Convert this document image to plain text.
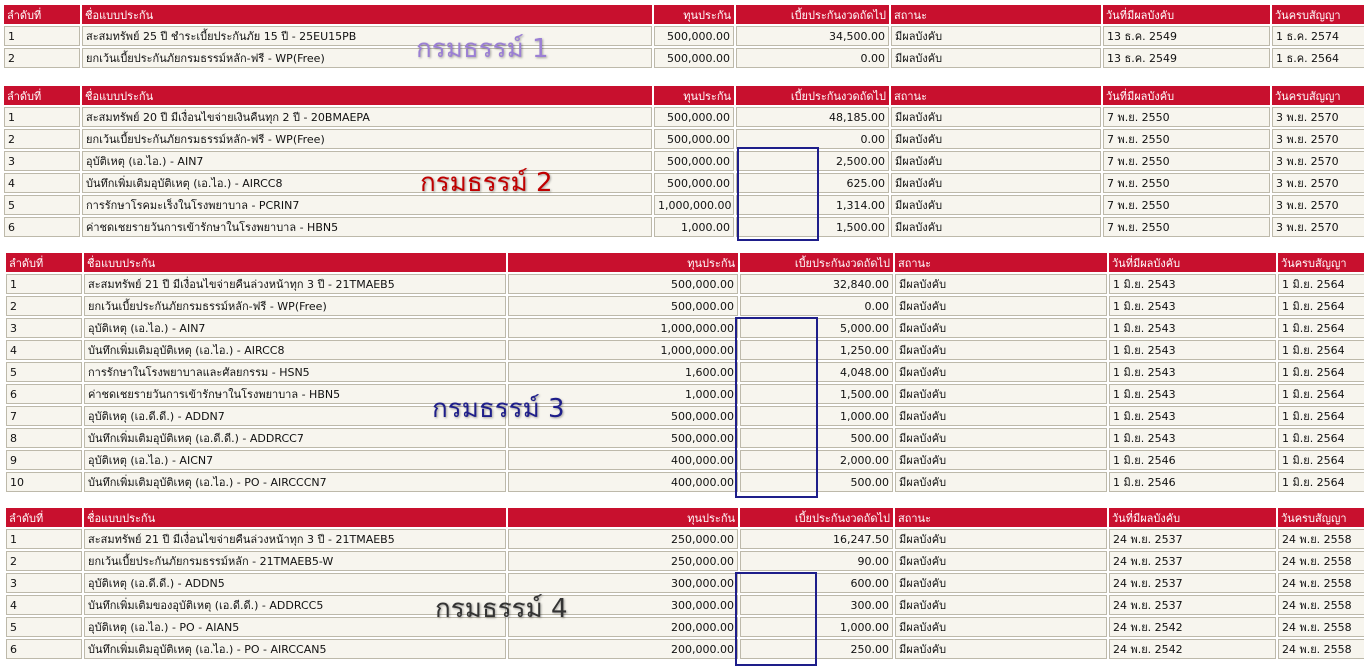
ลำดับที่	ชื่อแบบประกัน	ทุนประกัน	เบี้ยประกันงวดถัดไป	สถานะ	วันที่มีผลบังคับ	วันครบสัญญา
1	สะสมทรัพย์ 25 ปี ชำระเบี้ยประกันภัย 15 ปี - 25EU15PB	500,000.00	34,500.00	มีผลบังคับ	13 ธ.ค. 2549	1 ธ.ค. 2574
2	ยกเว้นเบี้ยประกันภัยกรมธรรม์หลัก-ฟรี - WP(Free)	500,000.00	0.00	มีผลบังคับ	13 ธ.ค. 2549	1 ธ.ค. 2564
กรมธรรม์ 1
ลำดับที่	ชื่อแบบประกัน	ทุนประกัน	เบี้ยประกันงวดถัดไป	สถานะ	วันที่มีผลบังคับ	วันครบสัญญา
1	สะสมทรัพย์ 20 ปี มีเงื่อนไขจ่ายเงินคืนทุก 2 ปี - 20BMAEPA	500,000.00	48,185.00	มีผลบังคับ	7 พ.ย. 2550	3 พ.ย. 2570
2	ยกเว้นเบี้ยประกันภัยกรมธรรม์หลัก-ฟรี - WP(Free)	500,000.00	0.00	มีผลบังคับ	7 พ.ย. 2550	3 พ.ย. 2570
3	อุบัติเหตุ (เอ.ไอ.) - AIN7	500,000.00	2,500.00	มีผลบังคับ	7 พ.ย. 2550	3 พ.ย. 2570
4	บันทึกเพิ่มเติมอุบัติเหตุ (เอ.ไอ.) - AIRCC8	500,000.00	625.00	มีผลบังคับ	7 พ.ย. 2550	3 พ.ย. 2570
5	การรักษาโรคมะเร็งในโรงพยาบาล - PCRIN7	1,000,000.00	1,314.00	มีผลบังคับ	7 พ.ย. 2550	3 พ.ย. 2570
6	ค่าชดเชยรายวันการเข้ารักษาในโรงพยาบาล - HBN5	1,000.00	1,500.00	มีผลบังคับ	7 พ.ย. 2550	3 พ.ย. 2570
กรมธรรม์ 2
ลำดับที่	ชื่อแบบประกัน	ทุนประกัน	เบี้ยประกันงวดถัดไป	สถานะ	วันที่มีผลบังคับ	วันครบสัญญา
1	สะสมทรัพย์ 21 ปี มีเงื่อนไขจ่ายคืนล่วงหน้าทุก 3 ปี - 21TMAEB5	500,000.00	32,840.00	มีผลบังคับ	1 มิ.ย. 2543	1 มิ.ย. 2564
2	ยกเว้นเบี้ยประกันภัยกรมธรรม์หลัก-ฟรี - WP(Free)	500,000.00	0.00	มีผลบังคับ	1 มิ.ย. 2543	1 มิ.ย. 2564
3	อุบัติเหตุ (เอ.ไอ.) - AIN7	1,000,000.00	5,000.00	มีผลบังคับ	1 มิ.ย. 2543	1 มิ.ย. 2564
4	บันทึกเพิ่มเติมอุบัติเหตุ (เอ.ไอ.) - AIRCC8	1,000,000.00	1,250.00	มีผลบังคับ	1 มิ.ย. 2543	1 มิ.ย. 2564
5	การรักษาในโรงพยาบาลและศัลยกรรม - HSN5	1,600.00	4,048.00	มีผลบังคับ	1 มิ.ย. 2543	1 มิ.ย. 2564
6	ค่าชดเชยรายวันการเข้ารักษาในโรงพยาบาล - HBN5	1,000.00	1,500.00	มีผลบังคับ	1 มิ.ย. 2543	1 มิ.ย. 2564
7	อุบัติเหตุ (เอ.ดี.ดี.) - ADDN7	500,000.00	1,000.00	มีผลบังคับ	1 มิ.ย. 2543	1 มิ.ย. 2564
8	บันทึกเพิ่มเติมอุบัติเหตุ (เอ.ดี.ดี.) - ADDRCC7	500,000.00	500.00	มีผลบังคับ	1 มิ.ย. 2543	1 มิ.ย. 2564
9	อุบัติเหตุ (เอ.ไอ.) - AICN7	400,000.00	2,000.00	มีผลบังคับ	1 มิ.ย. 2546	1 มิ.ย. 2564
10	บันทึกเพิ่มเติมอุบัติเหตุ (เอ.ไอ.) - PO - AIRCCCN7	400,000.00	500.00	มีผลบังคับ	1 มิ.ย. 2546	1 มิ.ย. 2564
กรมธรรม์ 3
ลำดับที่	ชื่อแบบประกัน	ทุนประกัน	เบี้ยประกันงวดถัดไป	สถานะ	วันที่มีผลบังคับ	วันครบสัญญา
1	สะสมทรัพย์ 21 ปี มีเงื่อนไขจ่ายคืนล่วงหน้าทุก 3 ปี - 21TMAEB5	250,000.00	16,247.50	มีผลบังคับ	24 พ.ย. 2537	24 พ.ย. 2558
2	ยกเว้นเบี้ยประกันภัยกรมธรรม์หลัก - 21TMAEB5-W	250,000.00	90.00	มีผลบังคับ	24 พ.ย. 2537	24 พ.ย. 2558
3	อุบัติเหตุ (เอ.ดี.ดี.) - ADDN5	300,000.00	600.00	มีผลบังคับ	24 พ.ย. 2537	24 พ.ย. 2558
4	บันทึกเพิ่มเติมของอุบัติเหตุ (เอ.ดี.ดี.) - ADDRCC5	300,000.00	300.00	มีผลบังคับ	24 พ.ย. 2537	24 พ.ย. 2558
5	อุบัติเหตุ (เอ.ไอ.) - PO - AIAN5	200,000.00	1,000.00	มีผลบังคับ	24 พ.ย. 2542	24 พ.ย. 2558
6	บันทึกเพิ่มเติมอุบัติเหตุ (เอ.ไอ.) - PO - AIRCCAN5	200,000.00	250.00	มีผลบังคับ	24 พ.ย. 2542	24 พ.ย. 2558
กรมธรรม์ 4
